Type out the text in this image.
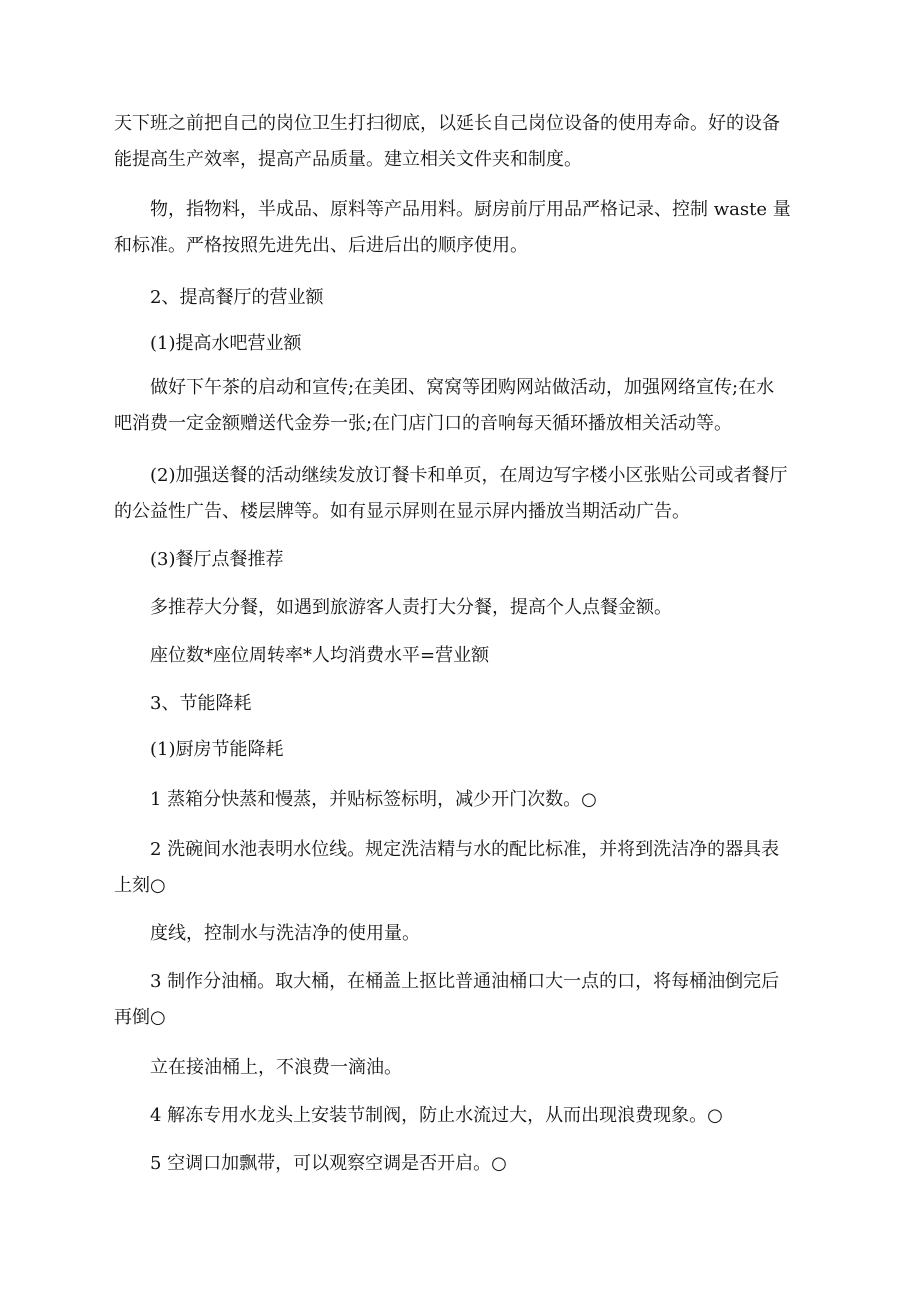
天下班之前把自己的岗位卫生打扫彻底，以延长自己岗位设备的使用寿命。好的设备
能提高生产效率，提高产品质量。建立相关文件夹和制度。

物，指物料，半成品、原料等产品用料。厨房前厅用品严格记录、控制 waste 量
和标准。严格按照先进先出、后进后出的顺序使用。

2、提高餐厅的营业额

(1)提高水吧营业额

做好下午茶的启动和宣传;在美团、窝窝等团购网站做活动，加强网络宣传;在水
吧消费一定金额赠送代金券一张;在门店门口的音响每天循环播放相关活动等。

(2)加强送餐的活动继续发放订餐卡和单页，在周边写字楼小区张贴公司或者餐厅
的公益性广告、楼层牌等。如有显示屏则在显示屏内播放当期活动广告。

(3)餐厅点餐推荐

多推荐大分餐，如遇到旅游客人责打大分餐，提高个人点餐金额。

座位数*座位周转率*人均消费水平=营业额

3、节能降耗

(1)厨房节能降耗

1 蒸箱分快蒸和慢蒸，并贴标签标明，减少开门次数。○

2 洗碗间水池表明水位线。规定洗洁精与水的配比标准，并将到洗洁净的器具表
上刻○

度线，控制水与洗洁净的使用量。

3 制作分油桶。取大桶，在桶盖上抠比普通油桶口大一点的口，将每桶油倒完后
再倒○

立在接油桶上，不浪费一滴油。

4 解冻专用水龙头上安装节制阀，防止水流过大，从而出现浪费现象。○

5 空调口加飘带，可以观察空调是否开启。○
